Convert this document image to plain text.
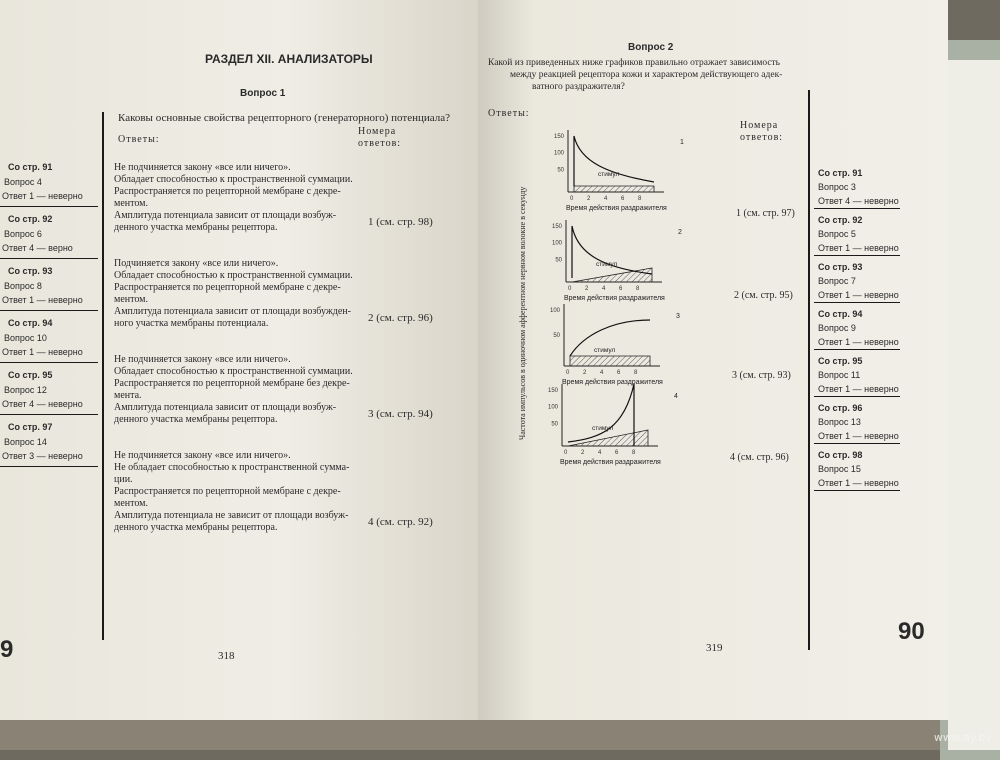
РАЗДЕЛ XII. АНАЛИЗАТОРЫ
Вопрос 1
Каковы основные свойства рецепторного (генераторного) потенциала?
Ответы:
Номера
ответов:
Не подчиняется закону «все или ничего».
Обладает способностью к пространственной суммации.
Распространяется по рецепторной мембране с декре-
ментом.
Амплитуда потенциала зависит от площади возбуж-
денного участка мембраны рецептора.	1 (см. стр. 98)
Подчиняется закону «все или ничего».
Обладает способностью к пространственной суммации.
Распространяется по рецепторной мембране с декре-
ментом.
Амплитуда потенциала зависит от площади возбужден-
ного участка мембраны потенциала.	2 (см. стр. 96)
Не подчиняется закону «все или ничего».
Обладает способностью к пространственной суммации.
Распространяется по рецепторной мембране без декре-
мента.
Амплитуда потенциала зависит от площади возбуж-
денного участка мембраны рецептора.	3 (см. стр. 94)
Не подчиняется закону «все или ничего».
Не обладает способностью к пространственной сумма-
ции.
Распространяется по рецепторной мембране с декре-
ментом.
Амплитуда потенциала не зависит от площади возбуж-
денного участка мембраны рецептора.	4 (см. стр. 92)
Со стр. 91
Вопрос 4
Ответ 1 — неверно
Со стр. 92
Вопрос 6
Ответ 4 — верно
Со стр. 93
Вопрос 8
Ответ 1 — неверно
Со стр. 94
Вопрос 10
Ответ 1 — неверно
Со стр. 95
Вопрос 12
Ответ 4 — неверно
Со стр. 97
Вопрос 14
Ответ 3 — неверно
318
9
Вопрос 2
Какой из приведенных ниже графиков правильно отражает зависимость
между реакцией рецептора кожи и характером действующего адек-
ватного раздражителя?
Ответы:
Номера
ответов:
Частота импульсов в одиночном афферентном нервном волокне в секунду
150
100
50
0 2 4 6 8
стимул
Время действия раздражителя
1
150
100
50
0 2 4 6 8
стимул
Время действия раздражителя
2
100
50
0 2 4 6 8
стимул
Время действия раздражителя
3
150
100
50
0 2 4 6 8
стимул
Время действия раздражителя
4
1 (см. стр. 97)
2 (см. стр. 95)
3 (см. стр. 93)
4 (см. стр. 96)
Со стр. 91
Вопрос 3
Ответ 4 — неверно
Со стр. 92
Вопрос 5
Ответ 1 — неверно
Со стр. 93
Вопрос 7
Ответ 1 — неверно
Со стр. 94
Вопрос 9
Ответ 1 — неверно
Со стр. 95
Вопрос 11
Ответ 1 — неверно
Со стр. 96
Вопрос 13
Ответ 1 — неверно
Со стр. 98
Вопрос 15
Ответ 1 — неверно
319
90
www.ay.by
